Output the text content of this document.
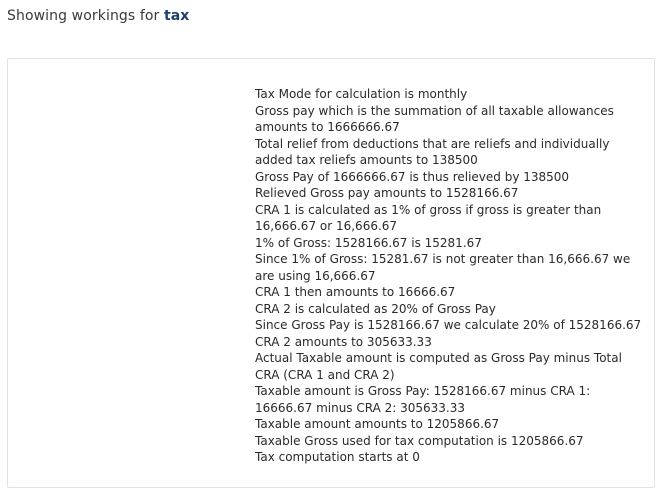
Showing workings for tax
Tax Mode for calculation is monthly
Gross pay which is the summation of all taxable allowances amounts to 1666666.67
Total relief from deductions that are reliefs and individually added tax reliefs amounts to 138500
Gross Pay of 1666666.67 is thus relieved by 138500
Relieved Gross pay amounts to 1528166.67
CRA 1 is calculated as 1% of gross if gross is greater than 16,666.67 or 16,666.67
1% of Gross: 1528166.67 is 15281.67
Since 1% of Gross: 15281.67 is not greater than 16,666.67 we are using 16,666.67
CRA 1 then amounts to 16666.67
CRA 2 is calculated as 20% of Gross Pay
Since Gross Pay is 1528166.67 we calculate 20% of 1528166.67
CRA 2 amounts to 305633.33
Actual Taxable amount is computed as Gross Pay minus Total CRA (CRA 1 and CRA 2)
Taxable amount is Gross Pay: 1528166.67 minus CRA 1: 16666.67 minus CRA 2: 305633.33
Taxable amount amounts to 1205866.67
Taxable Gross used for tax computation is 1205866.67
Tax computation starts at 0
